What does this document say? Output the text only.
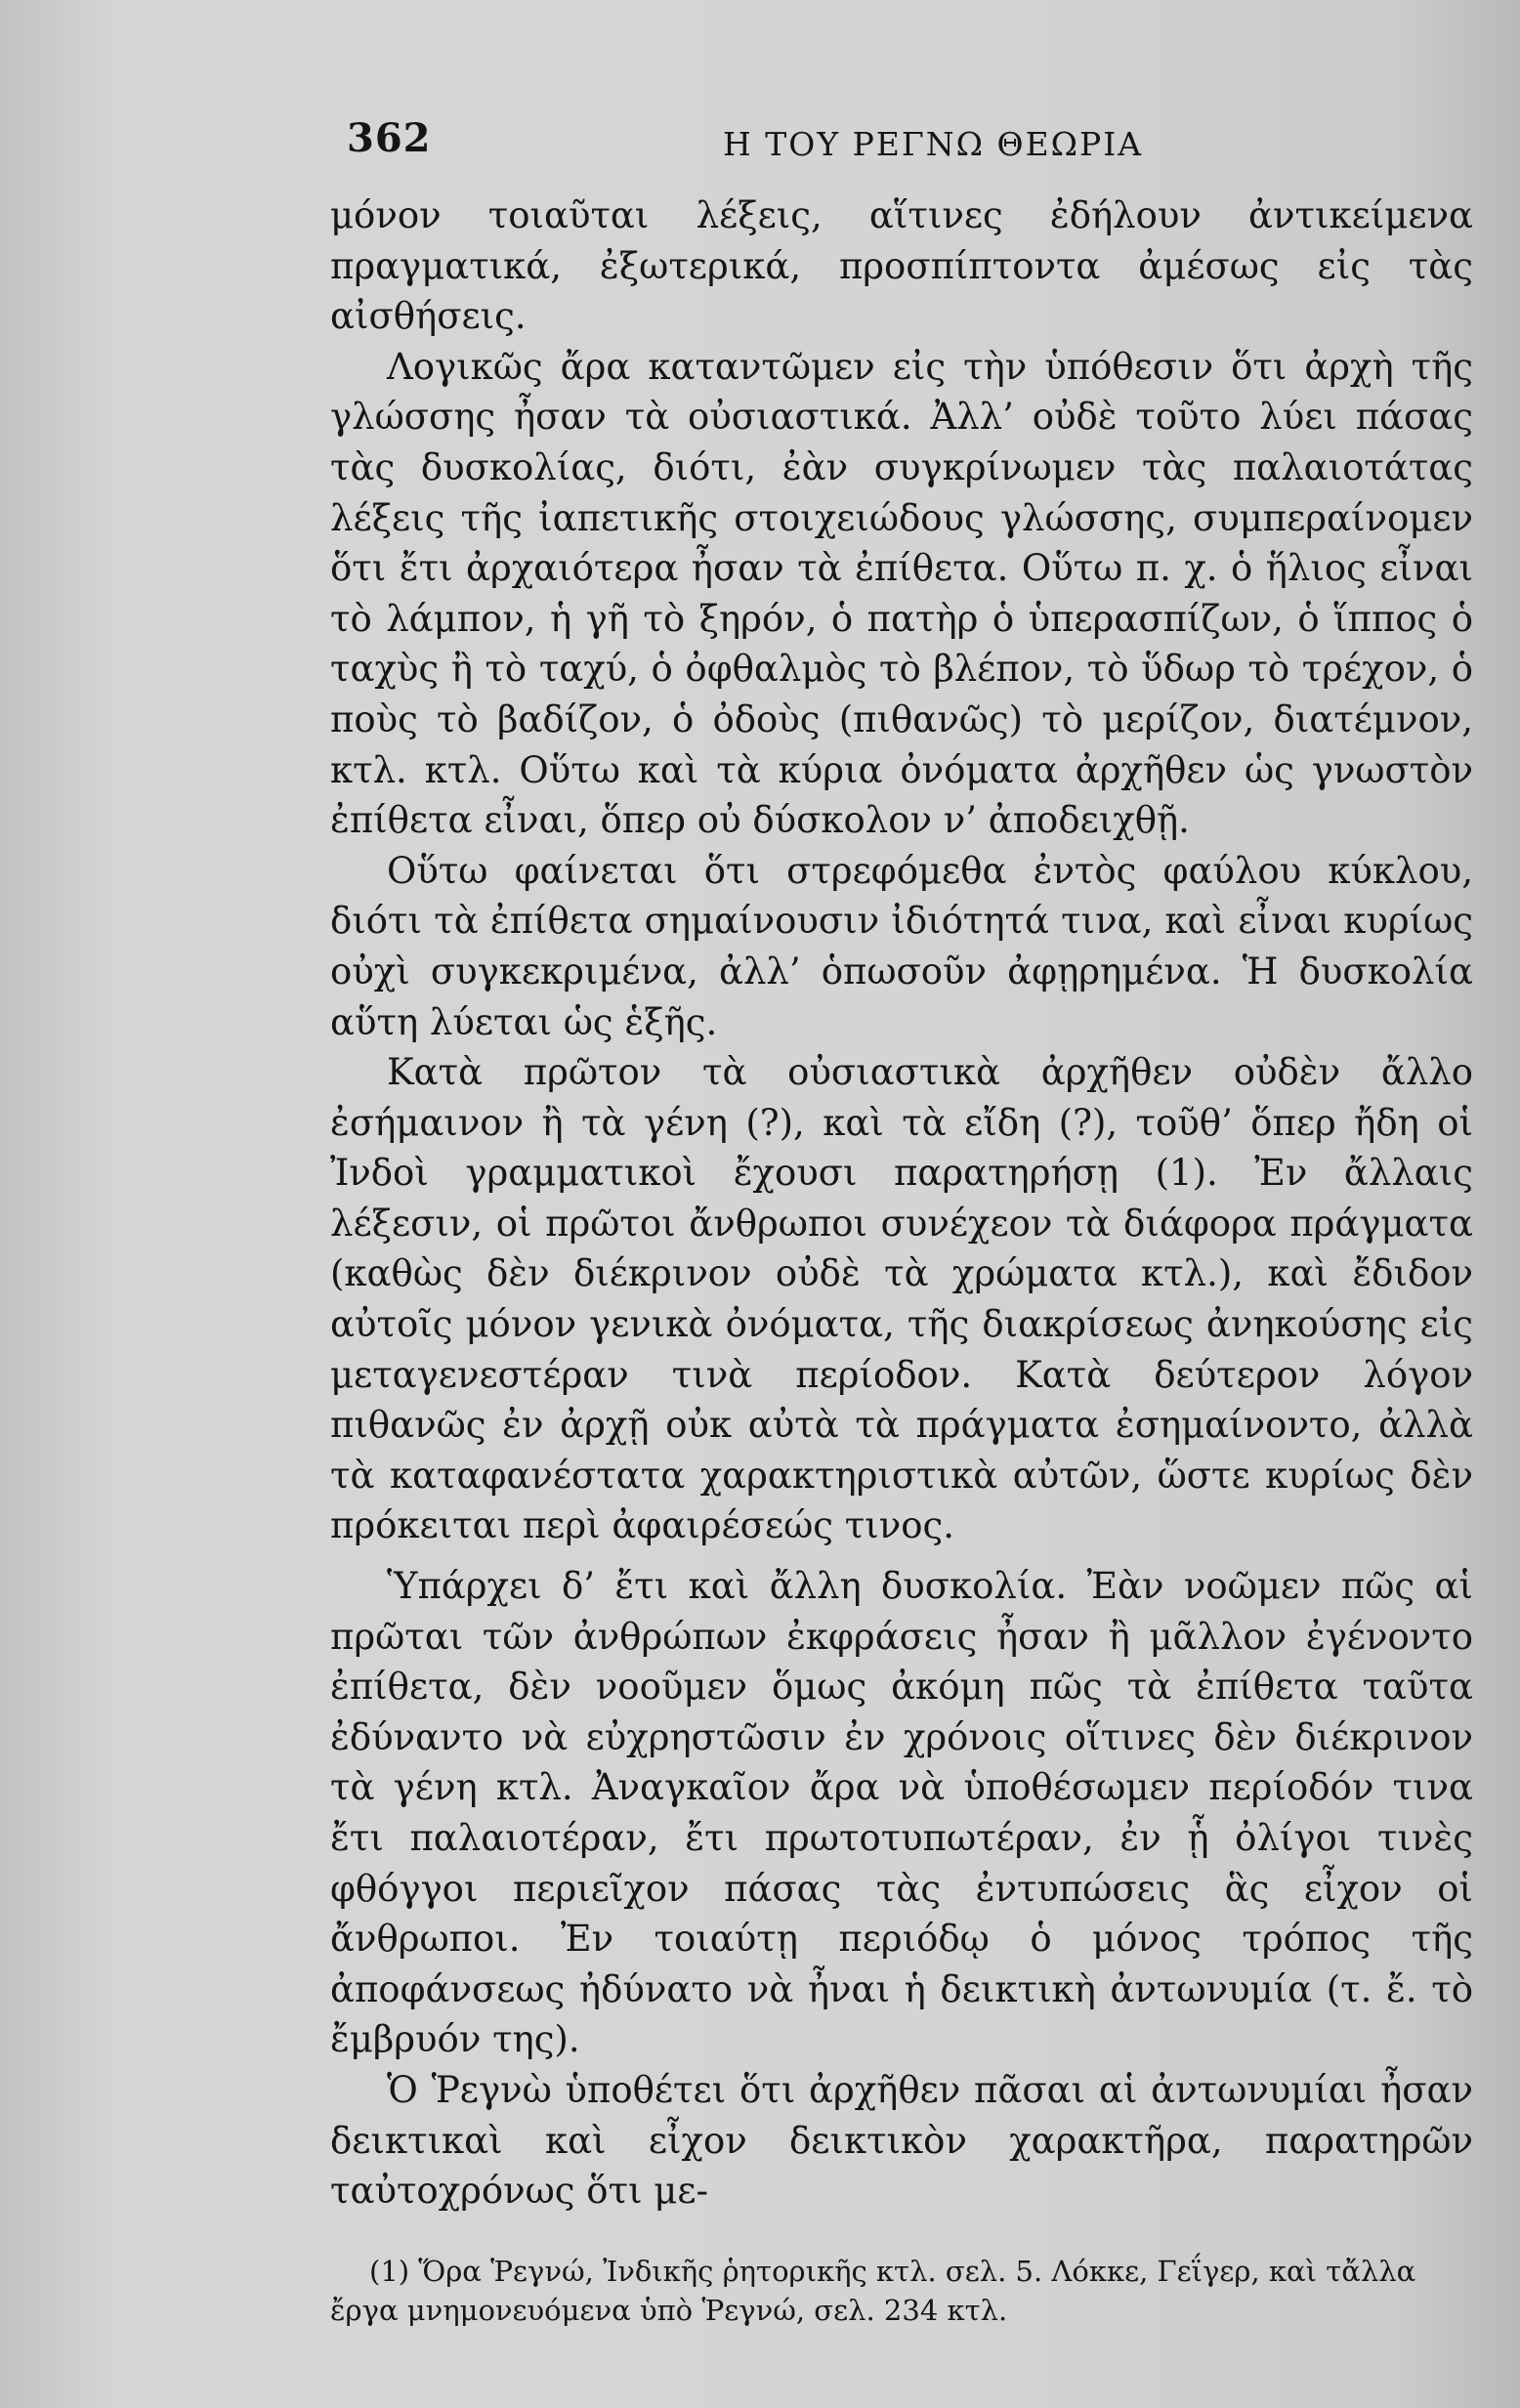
362	Η ΤΟΥ ΡΕΓΝΩ ΘΕΩΡΙΑ

μόνον τοιαῦται λέξεις, αἵτινες ἐδήλουν ἀντικείμενα πραγματικά, ἐξωτερικά, προσπίπτοντα ἀμέσως εἰς τὰς αἰσθήσεις.

Λογικῶς ἄρα καταντῶμεν εἰς τὴν ὑπόθεσιν ὅτι ἀρχὴ τῆς γλώσσης ἦσαν τὰ οὐσιαστικά. Ἀλλ’ οὐδὲ τοῦτο λύει πάσας τὰς δυσκολίας, διότι, ἐὰν συγκρίνωμεν τὰς παλαιοτάτας λέξεις τῆς ἰαπετικῆς στοιχειώδους γλώσσης, συμπεραίνομεν ὅτι ἔτι ἀρχαιότερα ἦσαν τὰ ἐπίθετα. Οὕτω π. χ. ὁ ἥλιος εἶναι τὸ λάμπον, ἡ γῆ τὸ ξηρόν, ὁ πατὴρ ὁ ὑπερασπίζων, ὁ ἵππος ὁ ταχὺς ἢ τὸ ταχύ, ὁ ὀφθαλμὸς τὸ βλέπον, τὸ ὕδωρ τὸ τρέχον, ὁ ποὺς τὸ βαδίζον, ὁ ὀδοὺς (πιθανῶς) τὸ μερίζον, διατέμνον, κτλ. κτλ. Οὕτω καὶ τὰ κύρια ὀνόματα ἀρχῆθεν ὡς γνωστὸν ἐπίθετα εἶναι, ὅπερ οὐ δύσκολον ν’ ἀποδειχθῇ.

Οὕτω φαίνεται ὅτι στρεφόμεθα ἐντὸς φαύλου κύκλου, διότι τὰ ἐπίθετα σημαίνουσιν ἰδιότητά τινα, καὶ εἶναι κυρίως οὐχὶ συγκεκριμένα, ἀλλ’ ὁπωσοῦν ἀφῃρημένα. Ἡ δυσκολία αὕτη λύεται ὡς ἑξῆς.

Κατὰ πρῶτον τὰ οὐσιαστικὰ ἀρχῆθεν οὐδὲν ἄλλο ἐσήμαινον ἢ τὰ γένη (?), καὶ τὰ εἴδη (?), τοῦθ’ ὅπερ ἤδη οἱ Ἰνδοὶ γραμματικοὶ ἔχουσι παρατηρήσῃ (1). Ἐν ἄλλαις λέξεσιν, οἱ πρῶτοι ἄνθρωποι συνέχεον τὰ διάφορα πράγματα (καθὼς δὲν διέκρινον οὐδὲ τὰ χρώματα κτλ.), καὶ ἔδιδον αὐτοῖς μόνον γενικὰ ὀνόματα, τῆς διακρίσεως ἀνηκούσης εἰς μεταγενεστέραν τινὰ περίοδον. Κατὰ δεύτερον λόγον πιθανῶς ἐν ἀρχῇ οὐκ αὐτὰ τὰ πράγματα ἐσημαίνοντο, ἀλλὰ τὰ καταφανέστατα χαρακτηριστικὰ αὐτῶν, ὥστε κυρίως δὲν πρόκειται περὶ ἀφαιρέσεώς τινος.

Ὑπάρχει δ’ ἔτι καὶ ἄλλη δυσκολία. Ἐὰν νοῶμεν πῶς αἱ πρῶται τῶν ἀνθρώπων ἐκφράσεις ἦσαν ἢ μᾶλλον ἐγένοντο ἐπίθετα, δὲν νοοῦμεν ὅμως ἀκόμη πῶς τὰ ἐπίθετα ταῦτα ἐδύναντο νὰ εὐχρηστῶσιν ἐν χρόνοις οἵτινες δὲν διέκρινον τὰ γένη κτλ. Ἀναγκαῖον ἄρα νὰ ὑποθέσωμεν περίοδόν τινα ἔτι παλαιοτέραν, ἔτι πρωτοτυπωτέραν, ἐν ᾗ ὀλίγοι τινὲς φθόγγοι περιεῖχον πάσας τὰς ἐντυπώσεις ἃς εἶχον οἱ ἄνθρωποι. Ἐν τοιαύτῃ περιόδῳ ὁ μόνος τρόπος τῆς ἀποφάνσεως ἠδύνατο νὰ ἦναι ἡ δεικτικὴ ἀντωνυμία (τ. ἔ. τὸ ἔμβρυόν της).

Ὁ Ῥεγνὼ ὑποθέτει ὅτι ἀρχῆθεν πᾶσαι αἱ ἀντωνυμίαι ἦσαν δεικτικαὶ καὶ εἶχον δεικτικὸν χαρακτῆρα, παρατηρῶν ταὐτοχρόνως ὅτι με-

(1) Ὅρα Ῥεγνώ, Ἰνδικῆς ῥητορικῆς κτλ. σελ. 5. Λόκκε, Γεΐγερ, καὶ τἄλλα ἔργα μνημονευόμενα ὑπὸ Ῥεγνώ, σελ. 234 κτλ.
